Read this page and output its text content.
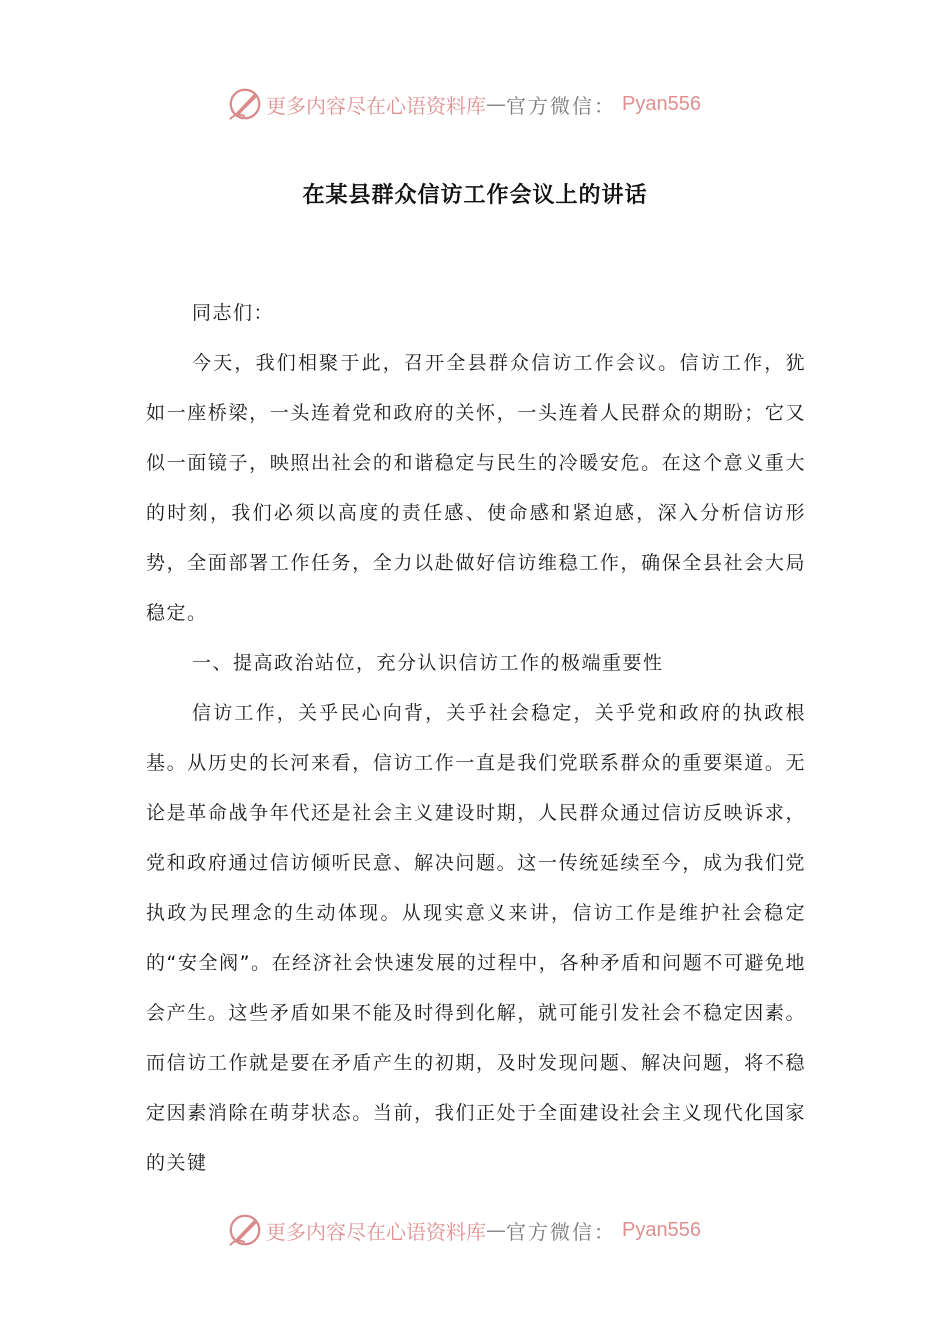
更多内容尽在心语资料库 — 官方微信： Pyan556
在某县群众信访工作会议上的讲话

同志们：

今天，我们相聚于此，召开全县群众信访工作会议。信访工作，犹如一座桥梁，一头连着党和政府的关怀，一头连着人民群众的期盼；它又似一面镜子，映照出社会的和谐稳定与民生的冷暖安危。在这个意义重大的时刻，我们必须以高度的责任感、使命感和紧迫感，深入分析信访形势，全面部署工作任务，全力以赴做好信访维稳工作，确保全县社会大局稳定。

一、提高政治站位，充分认识信访工作的极端重要性

信访工作，关乎民心向背，关乎社会稳定，关乎党和政府的执政根基。从历史的长河来看，信访工作一直是我们党联系群众的重要渠道。无论是革命战争年代还是社会主义建设时期，人民群众通过信访反映诉求，党和政府通过信访倾听民意、解决问题。这一传统延续至今，成为我们党执政为民理念的生动体现。从现实意义来讲，信访工作是维护社会稳定的“安全阀”。在经济社会快速发展的过程中，各种矛盾和问题不可避免地会产生。这些矛盾如果不能及时得到化解，就可能引发社会不稳定因素。而信访工作就是要在矛盾产生的初期，及时发现问题、解决问题，将不稳定因素消除在萌芽状态。当前，我们正处于全面建设社会主义现代化国家的关键

更多内容尽在心语资料库 — 官方微信： Pyan556
